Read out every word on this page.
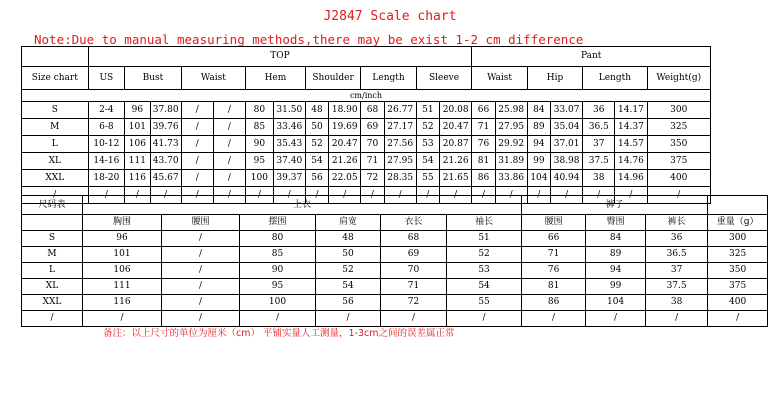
J2847 Scale chart
Note:Due to manual measuring methods,there may be exist 1-2 cm difference
	TOP													Pant						
Size chart	US	Bust		Waist		Hem		Shoulder		Length		Sleeve		Waist		Hip		Length		Weight(g)
cm/inch																				
S	2-4	96	37.80	/	/	80	31.50	48	18.90	68	26.77	51	20.08	66	25.98	84	33.07	36	14.17	300
M	6-8	101	39.76	/	/	85	33.46	50	19.69	69	27.17	52	20.47	71	27.95	89	35.04	36.5	14.37	325
L	10-12	106	41.73	/	/	90	35.43	52	20.47	70	27.56	53	20.87	76	29.92	94	37.01	37	14.57	350
XL	14-16	111	43.70	/	/	95	37.40	54	21.26	71	27.95	54	21.26	81	31.89	99	38.98	37.5	14.76	375
XXL	18-20	116	45.67	/	/	100	39.37	56	22.05	72	28.35	55	21.65	86	33.86	104	40.94	38	14.96	400
/	/	/	/	/	/	/	/	/	/	/	/	/	/	/	/	/	/	/	/	/
尺码表	上衣						裤子			
	胸围	腰围	摆围	肩宽	衣长	袖长	腰围	臀围	裤长	重量（g）
S	96	/	80	48	68	51	66	84	36	300
M	101	/	85	50	69	52	71	89	36.5	325
L	106	/	90	52	70	53	76	94	37	350
XL	111	/	95	54	71	54	81	99	37.5	375
XXL	116	/	100	56	72	55	86	104	38	400
/	/	/	/	/	/	/	/	/	/	/
备注：以上尺寸的单位为厘米（cm） 平铺实量人工测量，1-3cm之间的误差属正常
